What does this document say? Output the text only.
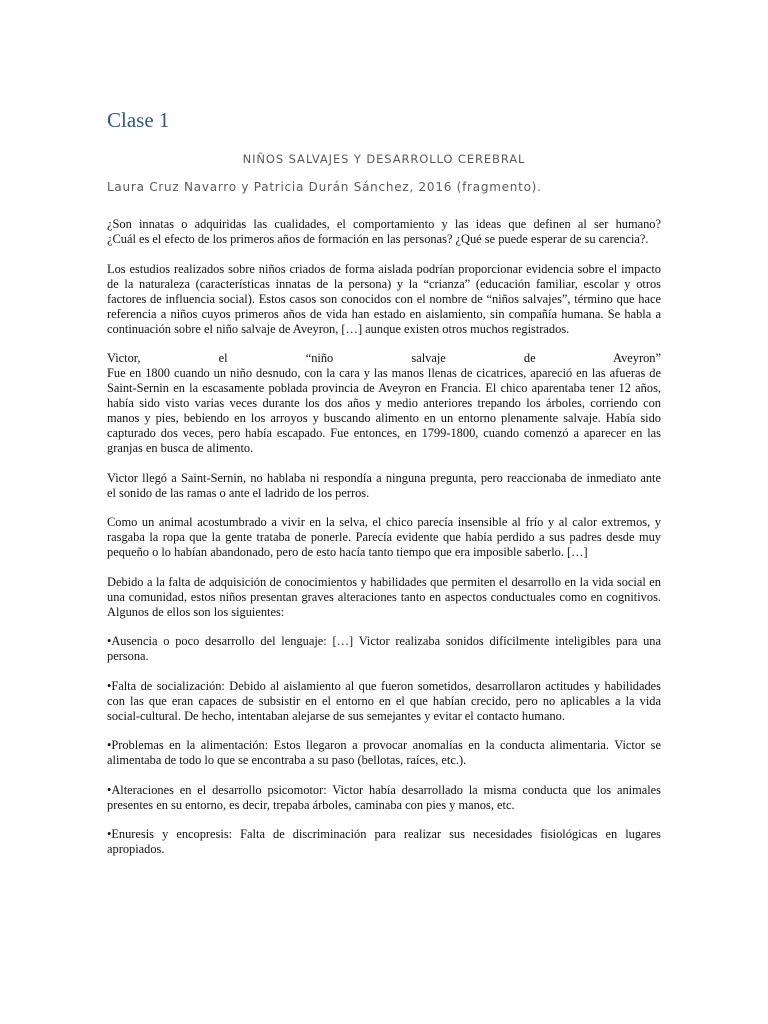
Clase 1
NIÑOS SALVAJES Y DESARROLLO CEREBRAL
Laura Cruz Navarro y Patricia Durán Sánchez, 2016 (fragmento).

¿Son innatas o adquiridas las cualidades, el comportamiento y las ideas que definen al ser humano?
¿Cuál es el efecto de los primeros años de formación en las personas? ¿Qué se puede esperar de su carencia?.

Los estudios realizados sobre niños criados de forma aislada podrían proporcionar evidencia sobre el impacto
de la naturaleza (características innatas de la persona) y la “crianza” (educación familiar, escolar y otros
factores de influencia social). Estos casos son conocidos con el nombre de “niños salvajes”, término que hace
referencia a niños cuyos primeros años de vida han estado en aislamiento, sin compañía humana. Se habla a
continuación sobre el niño salvaje de Aveyron, […] aunque existen otros muchos registrados.

Victor, el “niño salvaje de Aveyron”
Fue en 1800 cuando un niño desnudo, con la cara y las manos llenas de cicatrices, apareció en las afueras de
Saint-Sernin en la escasamente poblada provincia de Aveyron en Francia. El chico aparentaba tener 12 años,
había sido visto varias veces durante los dos años y medio anteriores trepando los árboles, corriendo con
manos y pies, bebiendo en los arroyos y buscando alimento en un entorno plenamente salvaje. Había sido
capturado dos veces, pero había escapado. Fue entonces, en 1799-1800, cuando comenzó a aparecer en las
granjas en busca de alimento.

Victor llegó a Saint-Sernin, no hablaba ni respondía a ninguna pregunta, pero reaccionaba de inmediato ante
el sonido de las ramas o ante el ladrido de los perros.

Como un animal acostumbrado a vivir en la selva, el chico parecía insensible al frío y al calor extremos, y
rasgaba la ropa que la gente trataba de ponerle. Parecía evidente que había perdido a sus padres desde muy
pequeño o lo habían abandonado, pero de esto hacía tanto tiempo que era imposible saberlo. […]

Debido a la falta de adquisición de conocimientos y habilidades que permiten el desarrollo en la vida social en
una comunidad, estos niños presentan graves alteraciones tanto en aspectos conductuales como en cognitivos.
Algunos de ellos son los siguientes:

•Ausencia o poco desarrollo del lenguaje: […] Victor realizaba sonidos difícilmente inteligibles para una
persona.

•Falta de socialización: Debido al aislamiento al que fueron sometidos, desarrollaron actitudes y habilidades
con las que eran capaces de subsistir en el entorno en el que habían crecido, pero no aplicables a la vida
social-cultural. De hecho, intentaban alejarse de sus semejantes y evitar el contacto humano.

•Problemas en la alimentación: Estos llegaron a provocar anomalías en la conducta alimentaria. Victor se
alimentaba de todo lo que se encontraba a su paso (bellotas, raíces, etc.).

•Alteraciones en el desarrollo psicomotor: Victor había desarrollado la misma conducta que los animales
presentes en su entorno, es decir, trepaba árboles, caminaba con pies y manos, etc.

•Enuresis y encopresis: Falta de discriminación para realizar sus necesidades fisiológicas en lugares
apropiados.
